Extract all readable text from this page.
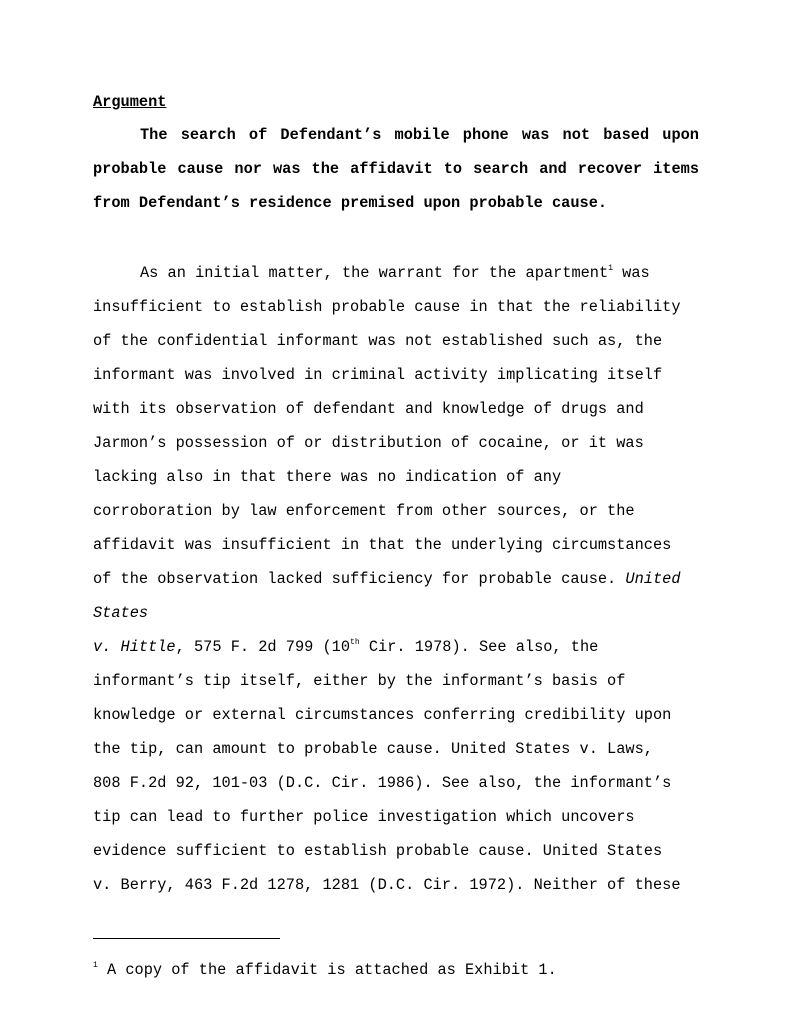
Argument

The search of Defendant’s mobile phone was not based upon probable cause nor was the affidavit to search and recover items from Defendant’s residence premised upon probable cause.

As an initial matter, the warrant for the apartment$^1$ was
insufficient to establish probable cause in that the reliability
of the confidential informant was not established such as, the
informant was involved in criminal activity implicating itself
with its observation of defendant and knowledge of drugs and
Jarmon’s possession of or distribution of cocaine, or it was
lacking also in that there was no indication of any
corroboration by law enforcement from other sources, or the
affidavit was insufficient in that the underlying circumstances
of the observation lacked sufficiency for probable cause. United
States
v. Hittle, 575 F. 2d 799 (10th Cir. 1978). See also, the
informant’s tip itself, either by the informant’s basis of
knowledge or external circumstances conferring credibility upon
the tip, can amount to probable cause. United States v. Laws,
808 F.2d 92, 101-03 (D.C. Cir. 1986). See also, the informant’s
tip can lead to further police investigation which uncovers
evidence sufficient to establish probable cause. United States
v. Berry, 463 F.2d 1278, 1281 (D.C. Cir. 1972). Neither of these
$^1$ A copy of the affidavit is attached as Exhibit 1.
